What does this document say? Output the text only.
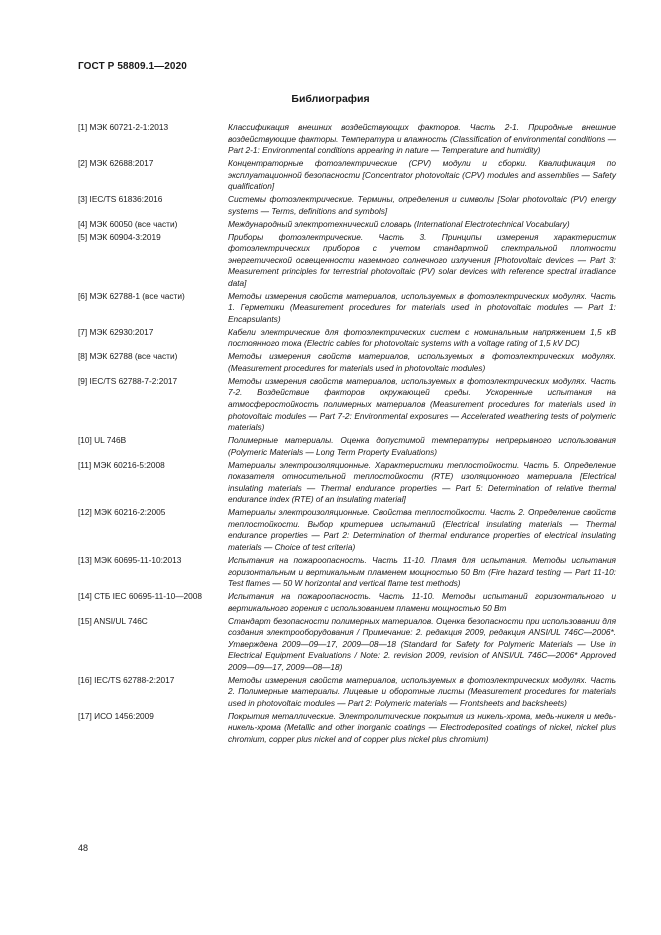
ГОСТ Р 58809.1—2020
Библиография
[1] МЭК 60721-2-1:2013	Классификация внешних воздействующих факторов. Часть 2-1. Природные внешние воздействующие факторы. Температура и влажность (Classification of environmental conditions — Part 2-1: Environmental conditions appearing in nature — Temperature and humidity)
[2] МЭК 62688:2017	Концентраторные фотоэлектрические (CPV) модули и сборки. Квалификация по эксплуатационной безопасности [Concentrator photovoltaic (CPV) modules and assemblies — Safety qualification]
[3] IEC/TS 61836:2016	Системы фотоэлектрические. Термины, определения и символы [Solar photovoltaic (PV) energy systems — Terms, definitions and symbols]
[4] МЭК 60050 (все части)	Международный электротехнический словарь (International Electrotechnical Vocabulary)
[5] МЭК 60904-3:2019	Приборы фотоэлектрические. Часть 3. Принципы измерения характеристик фотоэлектрических приборов с учетом стандартной спектральной плотности энергетической освещенности наземного солнечного излучения [Photovoltaic devices — Part 3: Measurement principles for terrestrial photovoltaic (PV) solar devices with reference spectral irradiance data]
[6] МЭК 62788-1 (все части)	Методы измерения свойств материалов, используемых в фотоэлектрических модулях. Часть 1. Герметики (Measurement procedures for materials used in photovoltaic modules — Part 1: Encapsulants)
[7] МЭК 62930:2017	Кабели электрические для фотоэлектрических систем с номинальным напряжением 1,5 кВ постоянного тока (Electric cables for photovoltaic systems with a voltage rating of 1,5 kV DC)
[8] МЭК 62788 (все части)	Методы измерения свойств материалов, используемых в фотоэлектрических модулях. (Measurement procedures for materials used in photovoltaic modules)
[9] IEC/TS 62788-7-2:2017	Методы измерения свойств материалов, используемых в фотоэлектрических модулях. Часть 7-2. Воздействие факторов окружающей среды. Ускоренные испытания на атмосферостойкость полимерных материалов (Measurement procedures for materials used in photovoltaic modules — Part 7-2: Environmental exposures — Accelerated weathering tests of polymeric materials)
[10] UL 746B	Полимерные материалы. Оценка допустимой температуры непрерывного использования (Polymeric Materials — Long Term Property Evaluations)
[11] МЭК 60216-5:2008	Материалы электроизоляционные. Характеристики теплостойкости. Часть 5. Определение показателя относительной теплостойкости (RTE) изоляционного материала [Electrical insulating materials — Thermal endurance properties — Part 5: Determination of relative thermal endurance index (RTE) of an insulating material]
[12] МЭК 60216-2:2005	Материалы электроизоляционные. Свойства теплостойкости. Часть 2. Определение свойств теплостойкости. Выбор критериев испытаний (Electrical insulating materials — Thermal endurance properties — Part 2: Determination of thermal endurance properties of electrical insulating materials — Choice of test criteria)
[13] МЭК 60695-11-10:2013	Испытания на пожароопасность. Часть 11-10. Пламя для испытания. Методы испытания горизонтальным и вертикальным пламенем мощностью 50 Вт (Fire hazard testing — Part 11-10: Test flames — 50 W horizontal and vertical flame test methods)
[14] СТБ IEC 60695-11-10—2008	Испытания на пожароопасность. Часть 11-10. Методы испытаний горизонтального и вертикального горения с использованием пламени мощностью 50 Вт
[15] ANSI/UL 746C	Стандарт безопасности полимерных материалов. Оценка безопасности при использовании для создания электрооборудования / Примечание: 2. редакция 2009, редакция ANSI/UL 746C—2006*. Утверждена 2009—09—17, 2009—08—18 (Standard for Safety for Polymeric Materials — Use in Electrical Equipment Evaluations / Note: 2. revision 2009, revision of ANSI/UL 746C—2006* Approved 2009—09—17, 2009—08—18)
[16] IEC/TS 62788-2:2017	Методы измерения свойств материалов, используемых в фотоэлектрических модулях. Часть 2. Полимерные материалы. Лицевые и оборотные листы (Measurement procedures for materials used in photovoltaic modules — Part 2: Polymeric materials — Frontsheets and backsheets)
[17] ИСО 1456:2009	Покрытия металлические. Электролитические покрытия из никель-хрома, медь-никеля и медь-никель-хрома (Metallic and other inorganic coatings — Electrodeposited coatings of nickel, nickel plus chromium, copper plus nickel and of copper plus nickel plus chromium)
48
